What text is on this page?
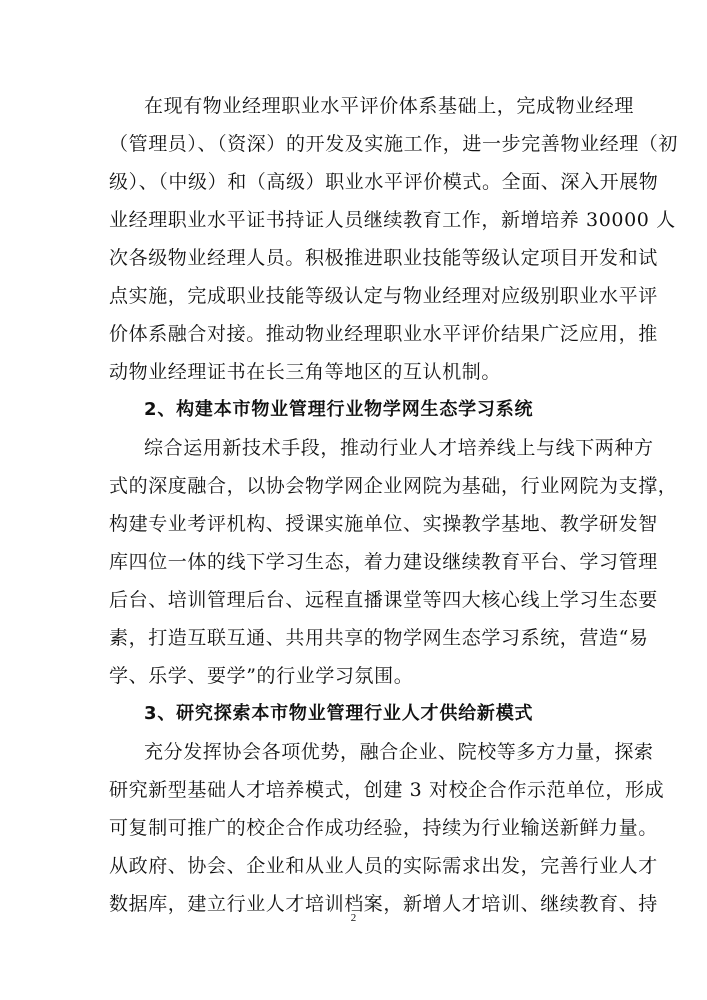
在现有物业经理职业水平评价体系基础上，完成物业经理
（管理员）、（资深）的开发及实施工作，进一步完善物业经理（初
级）、（中级）和（高级）职业水平评价模式。全面、深入开展物
业经理职业水平证书持证人员继续教育工作，新增培养 30000 人
次各级物业经理人员。积极推进职业技能等级认定项目开发和试
点实施，完成职业技能等级认定与物业经理对应级别职业水平评
价体系融合对接。推动物业经理职业水平评价结果广泛应用，推
动物业经理证书在长三角等地区的互认机制。
2、构建本市物业管理行业物学网生态学习系统
综合运用新技术手段，推动行业人才培养线上与线下两种方
式的深度融合，以协会物学网企业网院为基础，行业网院为支撑，
构建专业考评机构、授课实施单位、实操教学基地、教学研发智
库四位一体的线下学习生态，着力建设继续教育平台、学习管理
后台、培训管理后台、远程直播课堂等四大核心线上学习生态要
素，打造互联互通、共用共享的物学网生态学习系统，营造“易
学、乐学、要学”的行业学习氛围。
3、研究探索本市物业管理行业人才供给新模式
充分发挥协会各项优势，融合企业、院校等多方力量，探索
研究新型基础人才培养模式，创建 3 对校企合作示范单位，形成
可复制可推广的校企合作成功经验，持续为行业输送新鲜力量。
从政府、协会、企业和从业人员的实际需求出发，完善行业人才
数据库，建立行业人才培训档案，新增人才培训、继续教育、持
2
